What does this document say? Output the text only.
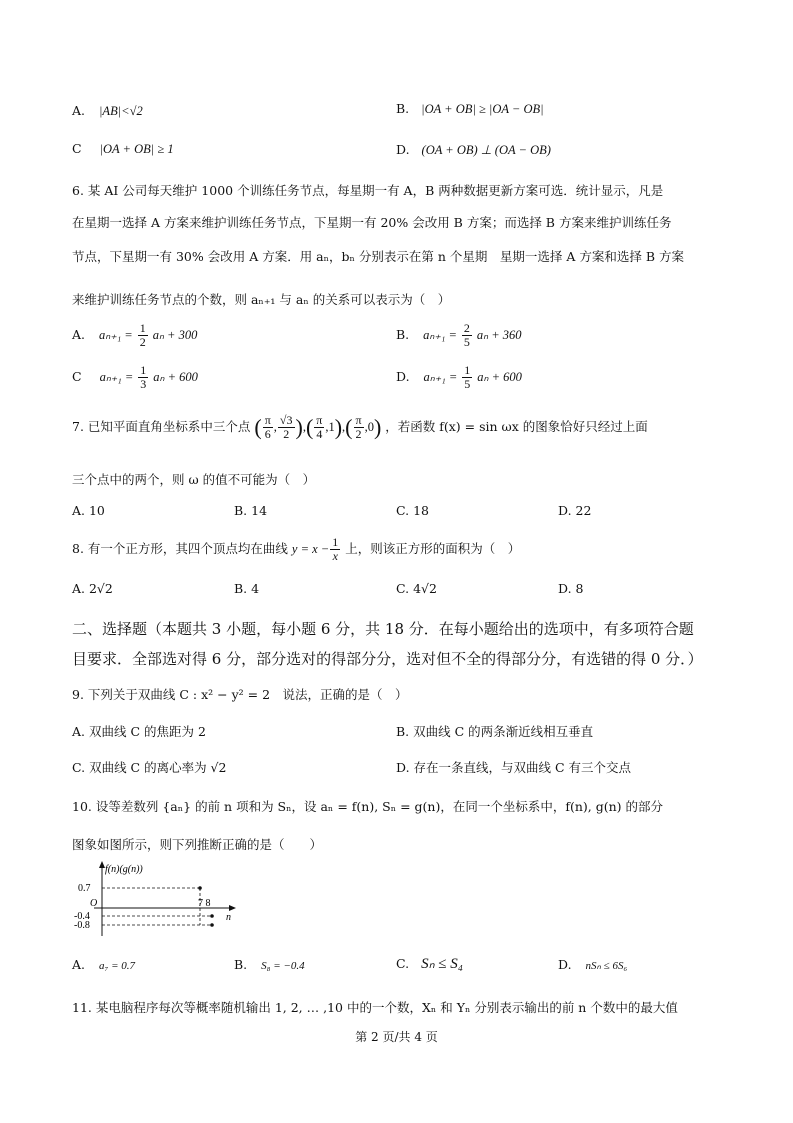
A. |AB|<√2	B. |OA + OB| ≥ |OA − OB|
C |OA + OB| ≥ 1	D. (OA + OB) ⊥ (OA − OB)
6. 某 AI 公司每天维护 1000 个训练任务节点，每星期一有 A，B 两种数据更新方案可选．统计显示，凡是
在星期一选择 A 方案来维护训练任务节点，下星期一有 20% 会改用 B 方案；而选择 B 方案来维护训练任务
节点，下星期一有 30% 会改用 A 方案．用 aₙ，bₙ 分别表示在第 n 个星期　星期一选择 A 方案和选择 B 方案
来维护训练任务节点的个数，则 aₙ₊₁ 与 aₙ 的关系可以表示为（　）
A. $a_{n+1} = \frac{1}{2}$ aₙ + 300	B. $a_{n+1} = \frac{2}{5}$ aₙ + 360
C $a_{n+1} = \frac{1}{3}$ aₙ + 600	D. $a_{n+1} = \frac{1}{5}$ aₙ + 600
7. 已知平面直角坐标系中三个点 ( $\frac{\pi}{6}$ , $\frac{√3}{2}$ ),( $\frac{\pi}{4} ,1),( \frac{\pi}{2} ,0)$ ，若函数 f(x) = sin ωx 的图象恰好只经过上面
三个点中的两个，则 ω 的值不可能为（　）
A. 10	B. 14	C. 18	D. 22
8. 有一个正方形，其四个顶点均在曲线 $y = x - \frac{1}{x}$ 上，则该正方形的面积为（　）
A. 2√2	B. 4	C. 4√2	D. 8
二、选择题（本题共 3 小题，每小题 6 分，共 18 分．在每小题给出的选项中，有多项符合题
目要求．全部选对得 6 分，部分选对的得部分分，选对但不全的得部分分，有选错的得 0 分．）
9. 下列关于双曲线 C : x² − y² = 2　说法，正确的是（　）
A. 双曲线 C 的焦距为 2	B. 双曲线 C 的两条渐近线相互垂直
C. 双曲线 C 的离心率为 √2	D. 存在一条直线，与双曲线 C 有三个交点
10. 设等差数列 {aₙ} 的前 n 项和为 Sₙ，设 aₙ = f(n), Sₙ = g(n)，在同一个坐标系中，f(n), g(n) 的部分
图象如图所示，则下列推断正确的是（　　）
f(n)(g(n))
n
O
0.7
-0.4
-0.8
7 8
A. a₇ = 0.7	B. S₈ = −0.4	C. Sₙ ≤ S₄	D. nSₙ ≤ 6S₆
11. 某电脑程序每次等概率随机输出 1, 2, … ,10 中的一个数，Xₙ 和 Yₙ 分别表示输出的前 n 个数中的最大值
第 2 页/共 4 页
